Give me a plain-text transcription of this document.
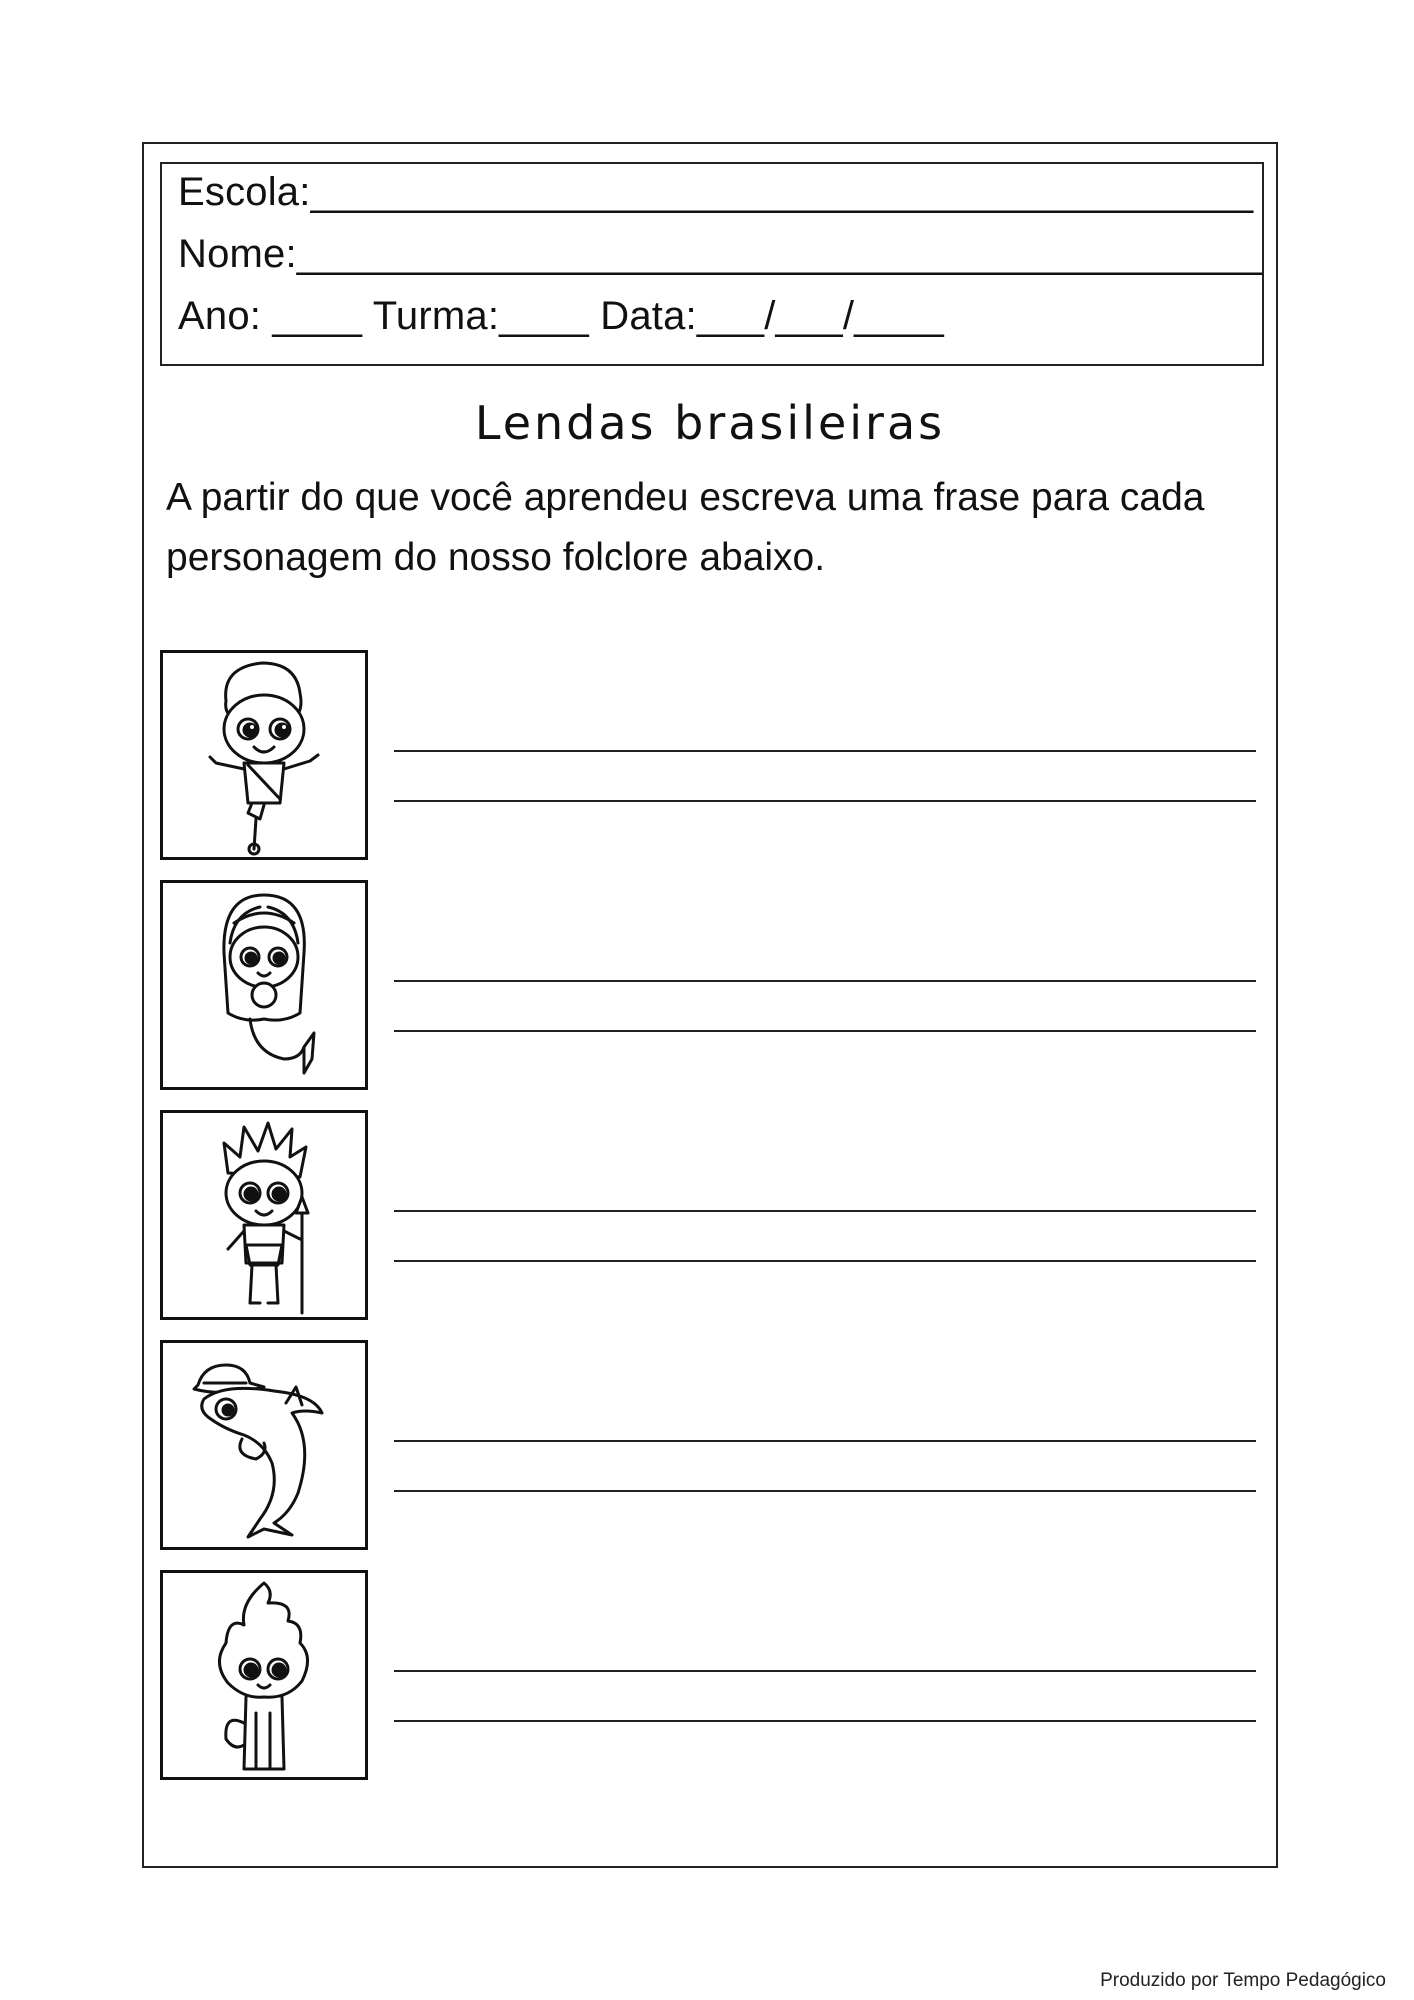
Escola:__________________________________________
Nome:___________________________________________
Ano: ____ Turma:____ Data:___/___/____
Lendas brasileiras
A partir do que você aprendeu escreva uma frase para cada personagem do nosso folclore abaixo.
Produzido por Tempo Pedagógico
